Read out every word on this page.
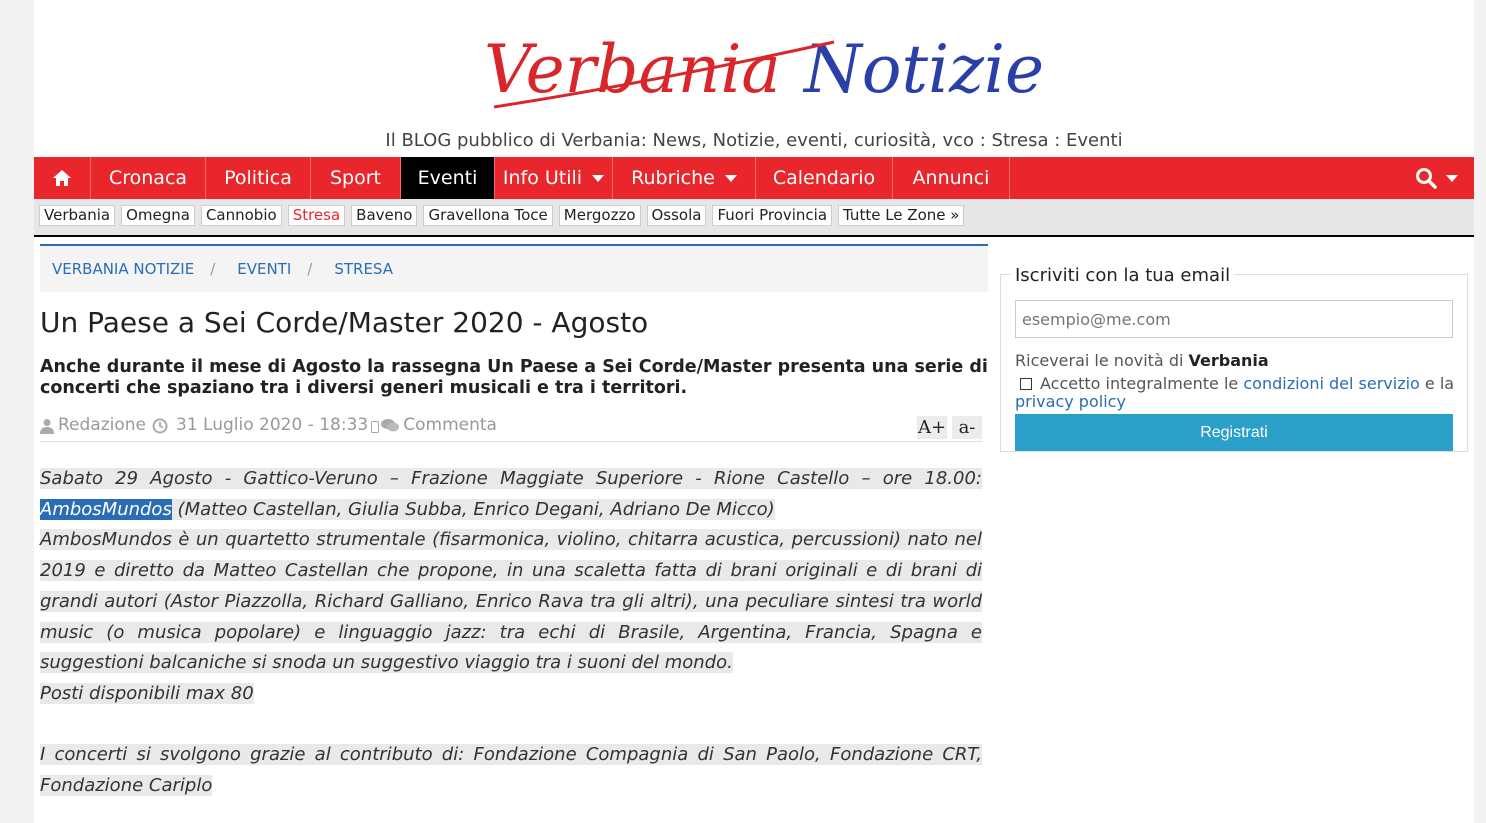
Verbania Notizie
Il BLOG pubblico di Verbania: News, Notizie, eventi, curiosità, vco : Stresa : Eventi
Cronaca Politica Sport Eventi Info Utili	Rubriche	Calendario Annunci
Verbania	Omegna	Cannobio	Stresa	Baveno	Gravellona Toce	Mergozzo	Ossola	Fuori Provincia	Tutte Le Zone »
VERBANIA NOTIZIE / EVENTI / STRESA
Un Paese a Sei Corde/Master 2020 - Agosto
Anche durante il mese di Agosto la rassegna Un Paese a Sei Corde/Master presenta una serie di concerti che spaziano tra i diversi generi musicali e tra i territori.
Redazione 31 Luglio 2020 - 18:33 Commenta	A+ a-

Sabato 29 Agosto - Gattico-Veruno – Frazione Maggiate Superiore - Rione Castello – ore 18.00: AmbosMundos (Matteo Castellan, Giulia Subba, Enrico Degani, Adriano De Micco)

AmbosMundos è un quartetto strumentale (fisarmonica, violino, chitarra acustica, percussioni) nato nel 2019 e diretto da Matteo Castellan che propone, in una scaletta fatta di brani originali e di brani di grandi autori (Astor Piazzolla, Richard Galliano, Enrico Rava tra gli altri), una peculiare sintesi tra world music (o musica popolare) e linguaggio jazz: tra echi di Brasile, Argentina, Francia, Spagna e suggestioni balcaniche si snoda un suggestivo viaggio tra i suoni del mondo.

Posti disponibili max 80

I concerti si svolgono grazie al contributo di: Fondazione Compagnia di San Paolo, Fondazione CRT, Fondazione Cariplo

Iscriviti con la tua email
esempio@me.com
Riceverai le novità di Verbania
Accetto integralmente le condizioni del servizio e la
privacy policy
Registrati
